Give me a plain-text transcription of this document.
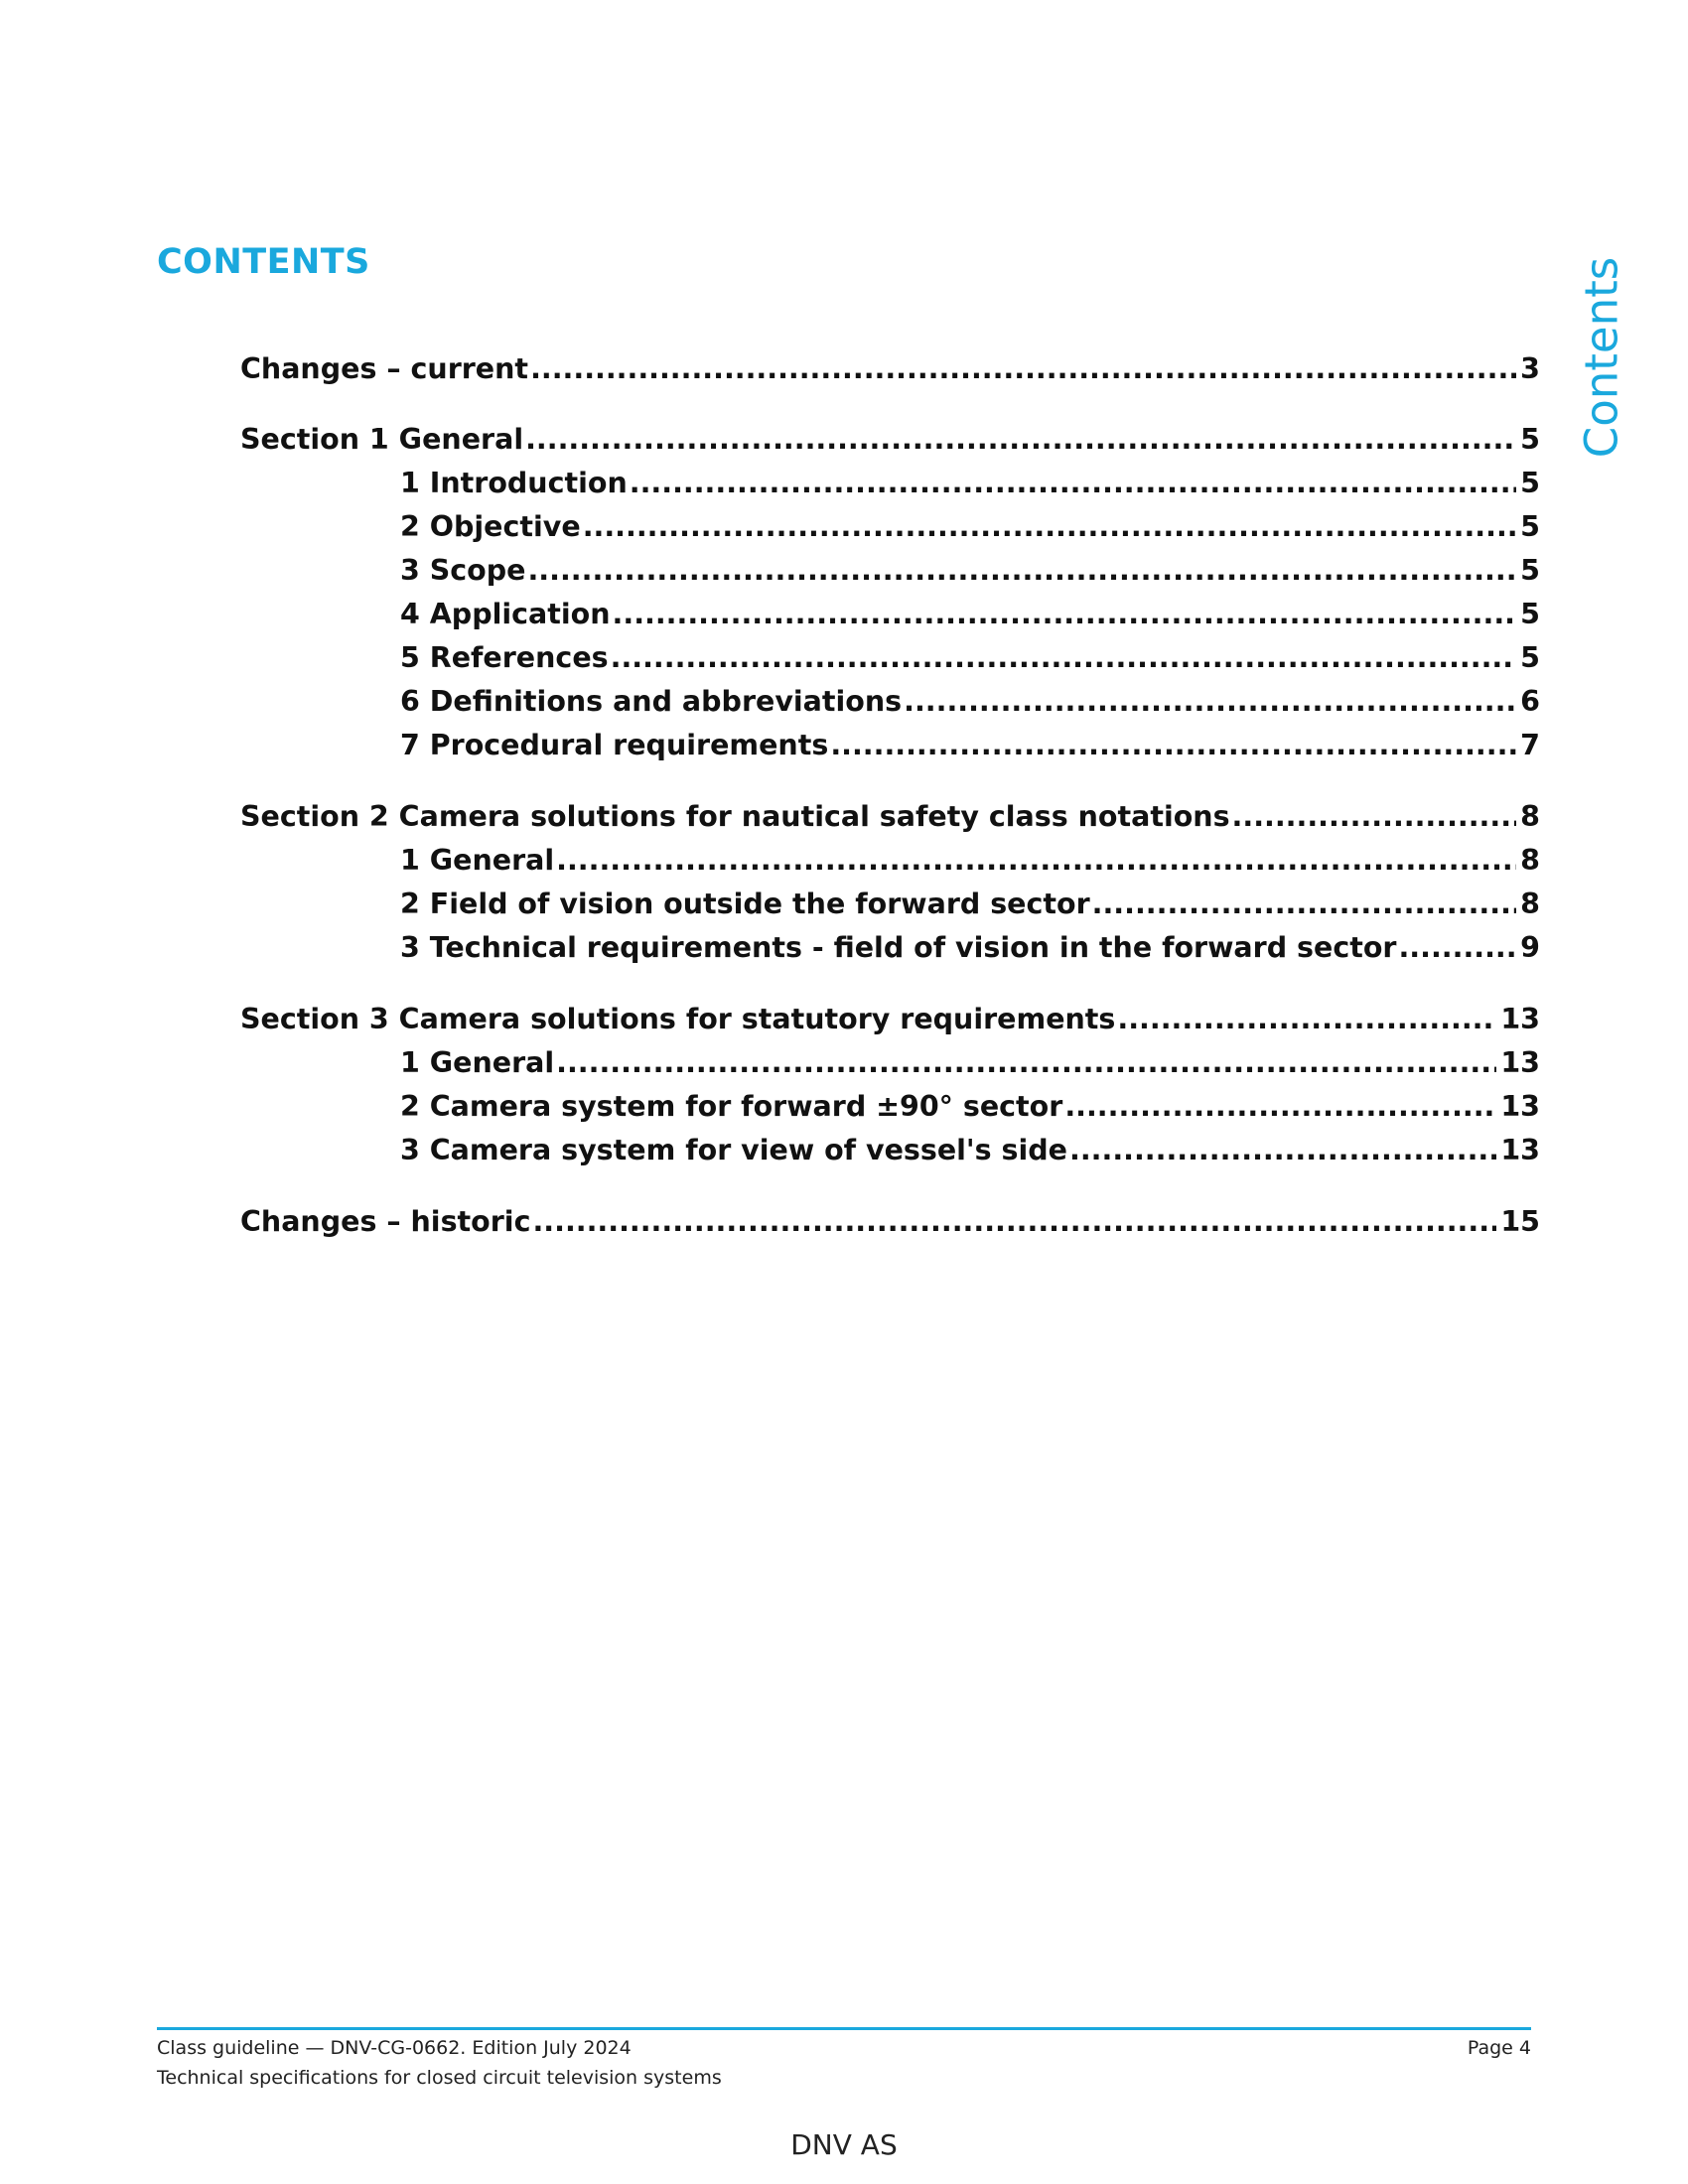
CONTENTS	Contents
Changes – current .....	3
Section 1 General .....	5
1 Introduction .....	5
2 Objective .....	5
3 Scope .....	5
4 Application .....	5
5 References .....	5
6 Definitions and abbreviations .....	6
7 Procedural requirements .....	7
Section 2 Camera solutions for nautical safety class notations .....	8
1 General .....	8
2 Field of vision outside the forward sector .....	8
3 Technical requirements - field of vision in the forward sector .....	9
Section 3 Camera solutions for statutory requirements .....	13
1 General .....	13
2 Camera system for forward ±90° sector .....	13
3 Camera system for view of vessel's side .....	13
Changes – historic .....	15
Class guideline — DNV-CG-0662. Edition July 2024
Technical specifications for closed circuit television systems
Page 4
DNV AS
